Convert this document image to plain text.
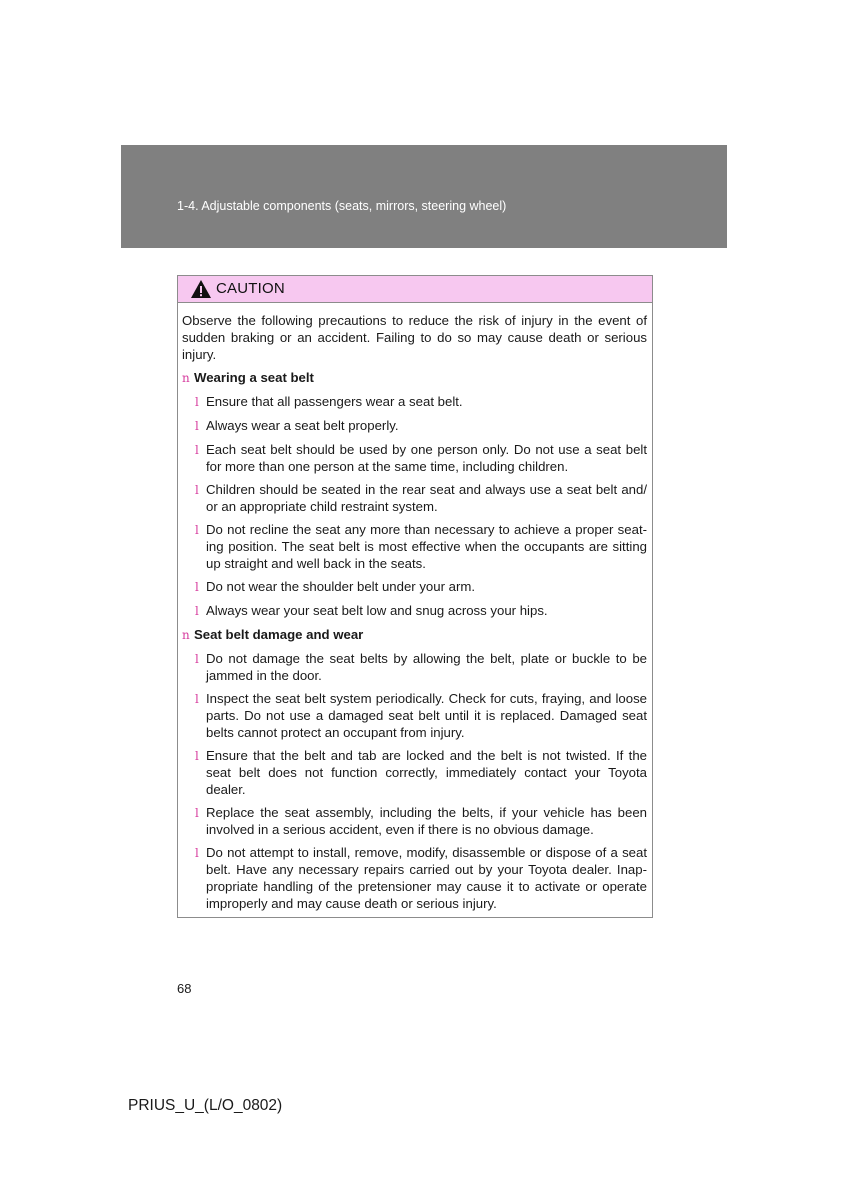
1-4. Adjustable components (seats, mirrors, steering wheel)
CAUTION

Observe the following precautions to reduce the risk of injury in the event of sudden braking or an accident. Failing to do so may cause death or serious injury.

n Wearing a seat belt
l Ensure that all passengers wear a seat belt.
l Always wear a seat belt properly.
l Each seat belt should be used by one person only. Do not use a seat belt for more than one person at the same time, including children.
l Children should be seated in the rear seat and always use a seat belt and/ or an appropriate child restraint system.
l Do not recline the seat any more than necessary to achieve a proper seat-ing position. The seat belt is most effective when the occupants are sitting up straight and well back in the seats.
l Do not wear the shoulder belt under your arm.
l Always wear your seat belt low and snug across your hips.
n Seat belt damage and wear
l Do not damage the seat belts by allowing the belt, plate or buckle to be jammed in the door.
l Inspect the seat belt system periodically. Check for cuts, fraying, and loose parts. Do not use a damaged seat belt until it is replaced. Damaged seat belts cannot protect an occupant from injury.
l Ensure that the belt and tab are locked and the belt is not twisted. If the seat belt does not function correctly, immediately contact your Toyota dealer.
l Replace the seat assembly, including the belts, if your vehicle has been involved in a serious accident, even if there is no obvious damage.
l Do not attempt to install, remove, modify, disassemble or dispose of a seat belt. Have any necessary repairs carried out by your Toyota dealer. Inap-propriate handling of the pretensioner may cause it to activate or operate improperly and may cause death or serious injury.
68
PRIUS_U_(L/O_0802)
